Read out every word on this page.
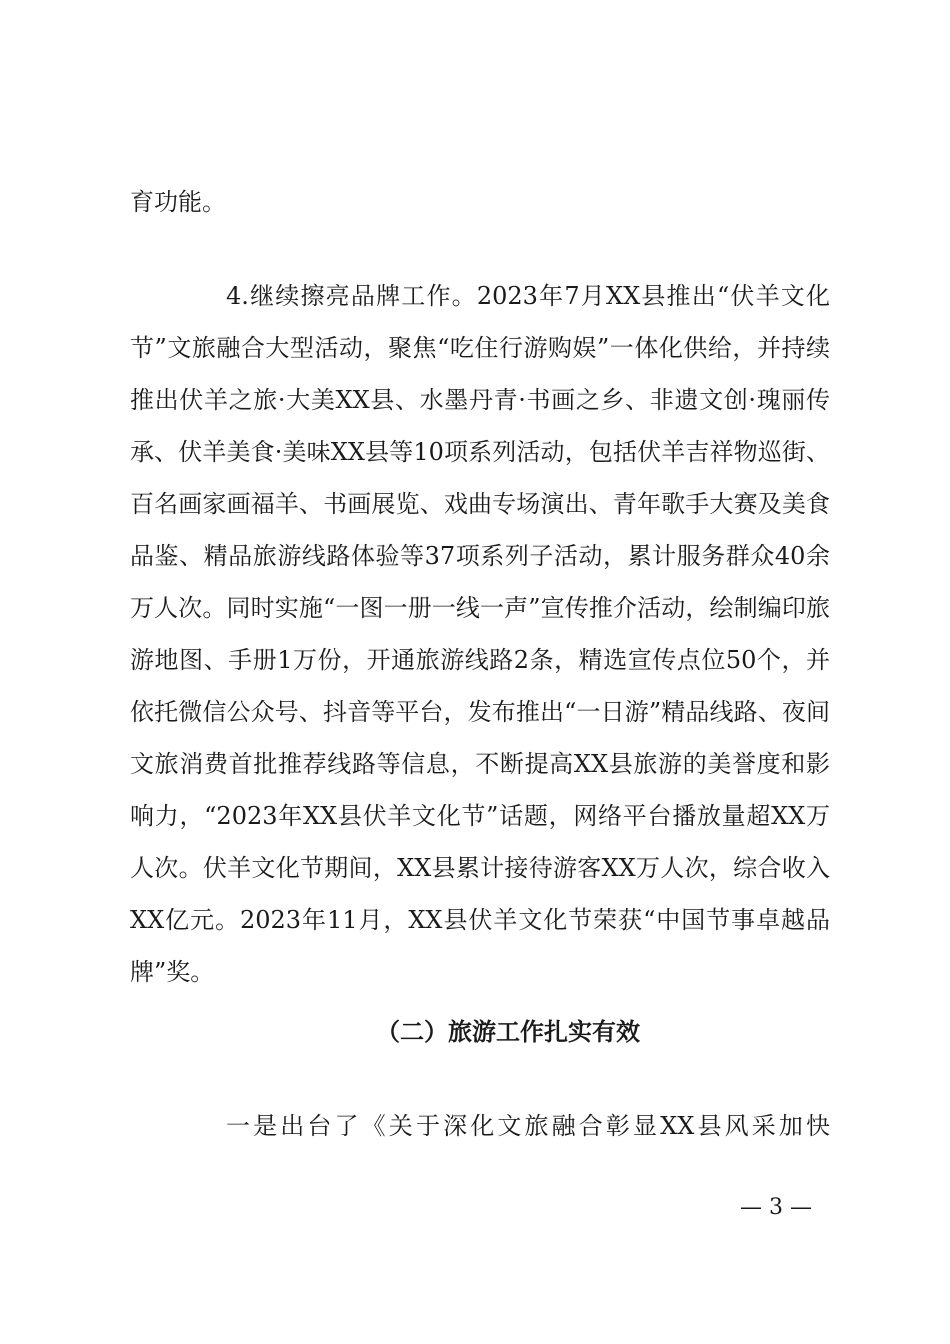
育功能。

4.继续擦亮品牌工作。2023年7月XX县推出“伏羊文化节”文旅融合大型活动，聚焦“吃住行游购娱”一体化供给，并持续推出伏羊之旅·大美XX县、水墨丹青·书画之乡、非遗文创·瑰丽传承、伏羊美食·美味XX县等10项系列活动，包括伏羊吉祥物巡街、百名画家画福羊、书画展览、戏曲专场演出、青年歌手大赛及美食品鉴、精品旅游线路体验等37项系列子活动，累计服务群众40余万人次。同时实施“一图一册一线一声”宣传推介活动，绘制编印旅游地图、手册1万份，开通旅游线路2条，精选宣传点位50个，并依托微信公众号、抖音等平台，发布推出“一日游”精品线路、夜间文旅消费首批推荐线路等信息，不断提高XX县旅游的美誉度和影响力，“2023年XX县伏羊文化节”话题，网络平台播放量超XX万人次。伏羊文化节期间，XX县累计接待游客XX万人次，综合收入XX亿元。2023年11月，XX县伏羊文化节荣获“中国节事卓越品牌”奖。

（二）旅游工作扎实有效

一是出台了《关于深化文旅融合彰显XX县风采加快

— 3 —
